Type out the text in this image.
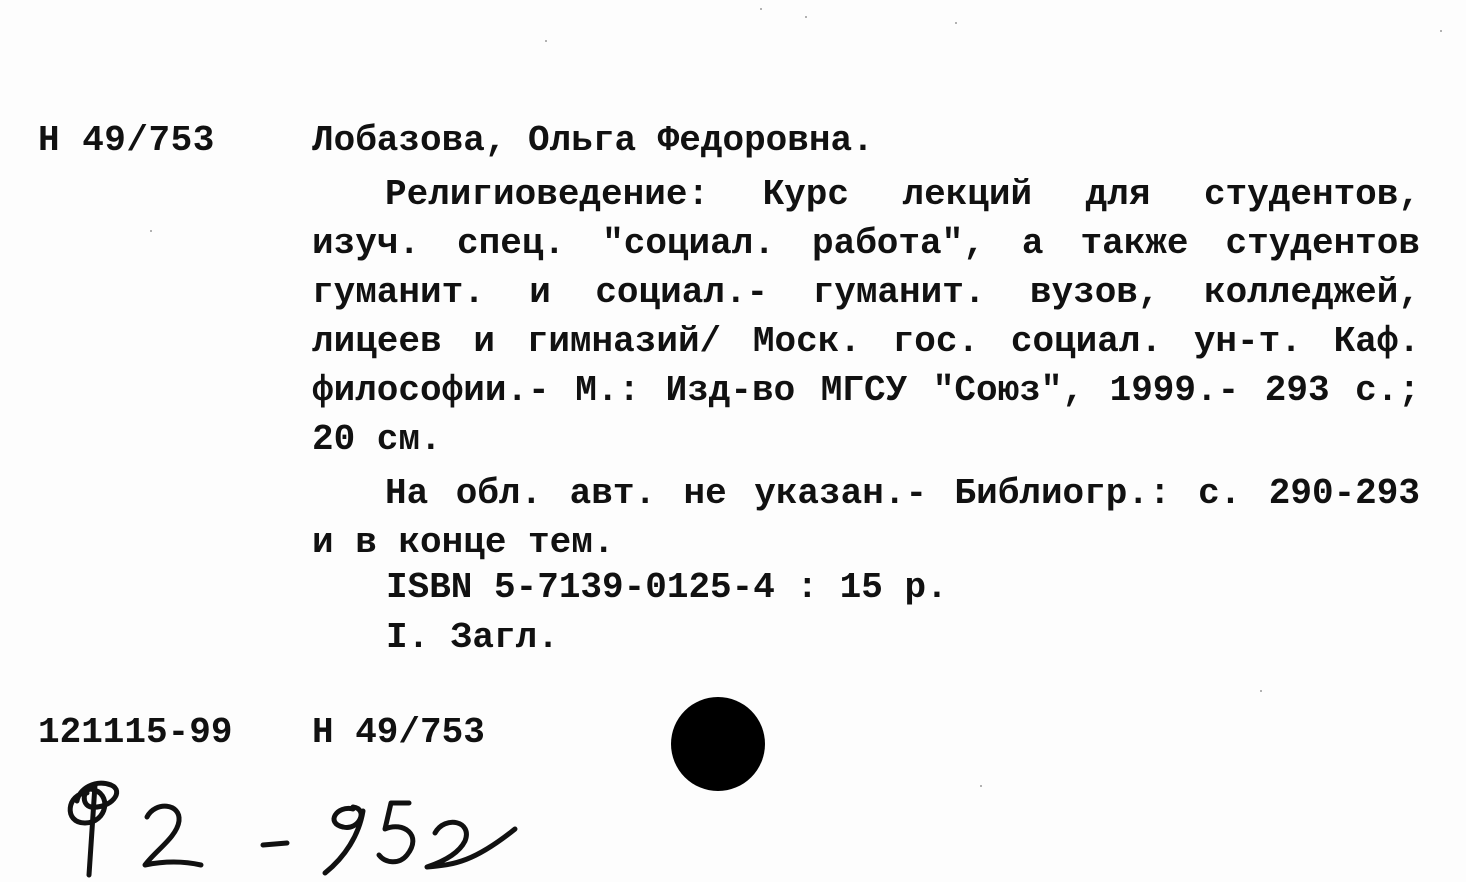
Н 49/753	Лобазова, Ольга Федоровна.
Религиоведение: Курс лекций для студентов, изуч. спец. "социал. работа", а также студентов гуманит. и социал.- гуманит. вузов, колледжей, лицеев и гимназий/ Моск. гос. социал. ун-т. Каф. философии.- М.: Изд-во МГСУ "Союз", 1999.- 293 с.; 20 см.
На обл. авт. не указан.- Библиогр.: с. 290-293 и в конце тем.
ISBN 5-7139-0125-4 : 15 р.
I. Загл.
121115-99 Н 49/753
